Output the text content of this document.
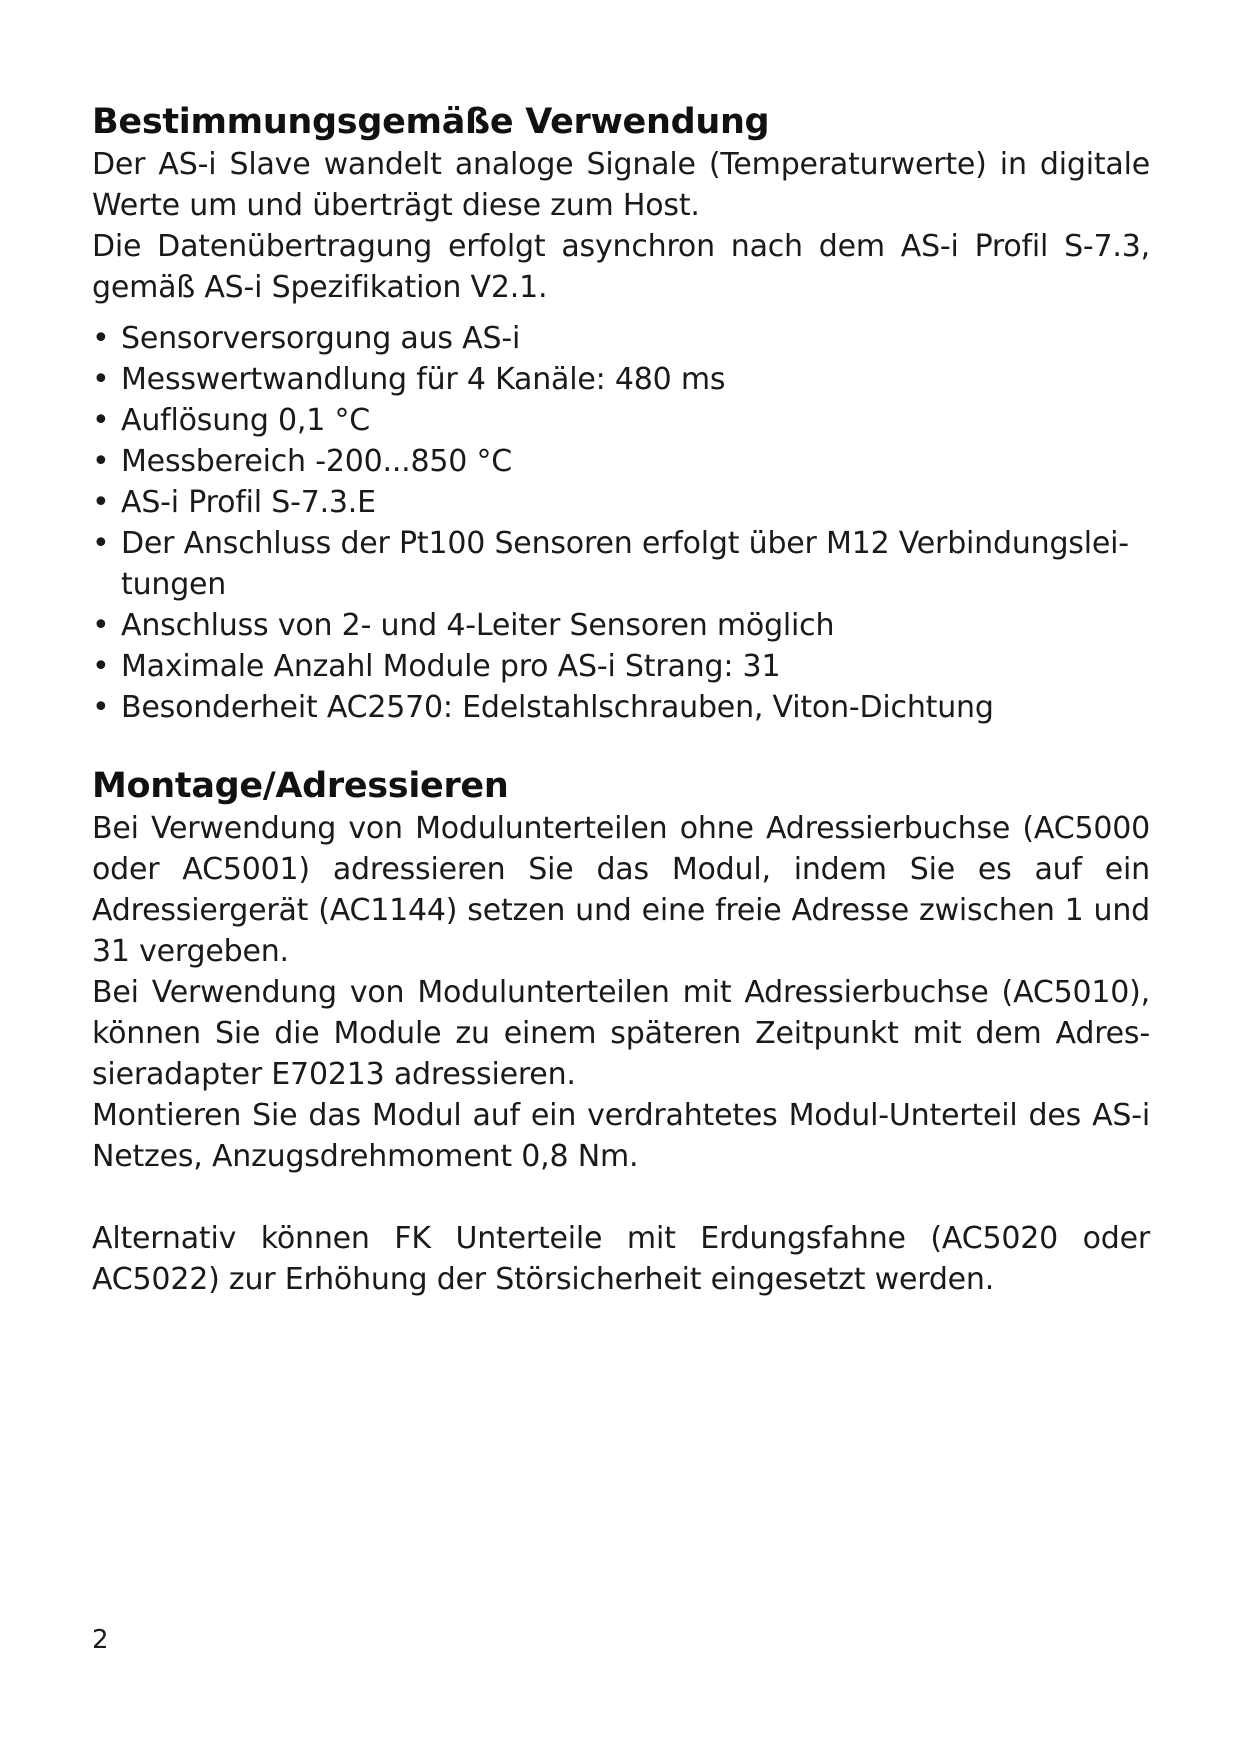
Bestimmungsgemäße Verwendung

Der AS-i Slave wandelt analoge Signale (Temperaturwerte) in digitale Werte um und überträgt diese zum Host.

Die Datenübertragung erfolgt asynchron nach dem AS-i Profil S-7.3, gemäß AS-i Spezifikation V2.1.

• Sensorversorgung aus AS-i
• Messwertwandlung für 4 Kanäle: 480 ms
• Auflösung 0,1 °C
• Messbereich -200...850 °C
• AS-i Profil S-7.3.E
• Der Anschluss der Pt100 Sensoren erfolgt über M12 Verbindungslei- tungen
• Anschluss von 2- und 4-Leiter Sensoren möglich
• Maximale Anzahl Module pro AS-i Strang: 31
• Besonderheit AC2570: Edelstahlschrauben, Viton-Dichtung
Montage/Adressieren

Bei Verwendung von Modulunterteilen ohne Adressierbuchse (AC5000 oder AC5001) adressieren Sie das Modul, indem Sie es auf ein Adressiergerät (AC1144) setzen und eine freie Adresse zwischen 1 und 31 vergeben.

Bei Verwendung von Modulunterteilen mit Adressierbuchse (AC5010), können Sie die Module zu einem späteren Zeitpunkt mit dem Adres- sieradapter E70213 adressieren.

Montieren Sie das Modul auf ein verdrahtetes Modul-Unterteil des AS-i Netzes, Anzugsdrehmoment 0,8 Nm.

Alternativ können FK Unterteile mit Erdungsfahne (AC5020 oder AC5022) zur Erhöhung der Störsicherheit eingesetzt werden.

2
